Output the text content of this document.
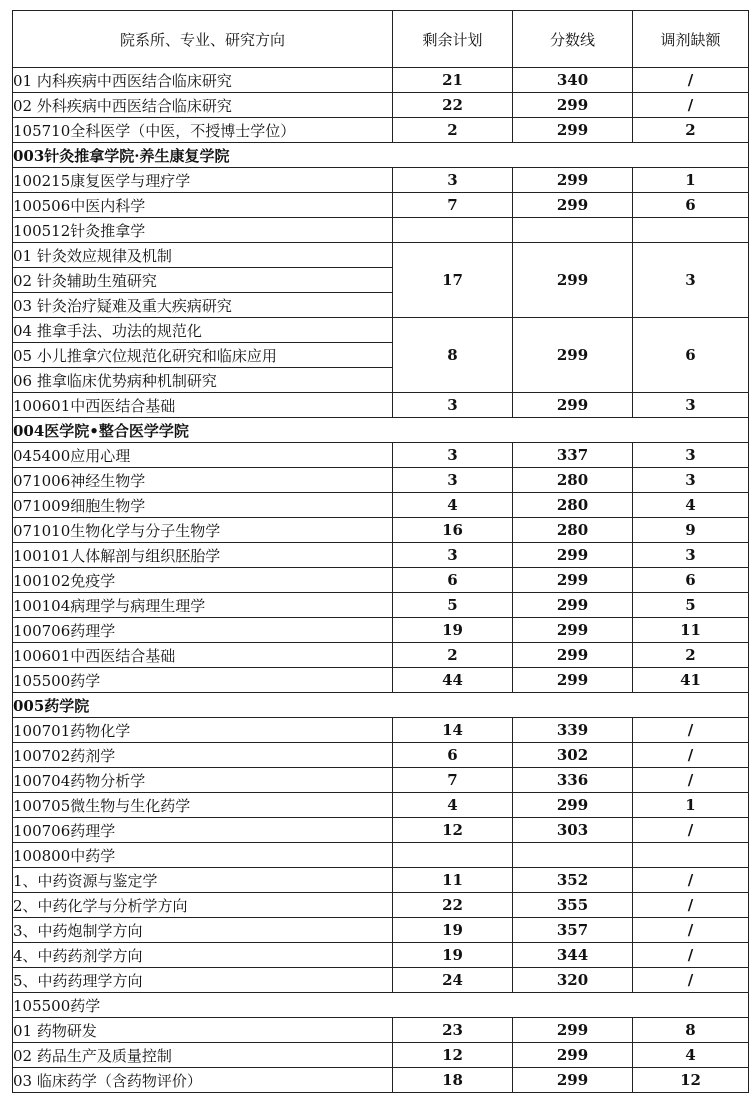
院系所、专业、研究方向	剩余计划	分数线	调剂缺额
01 内科疾病中西医结合临床研究	21	340	/
02 外科疾病中西医结合临床研究	22	299	/
105710全科医学（中医，不授博士学位）	2	299	2
003针灸推拿学院·养生康复学院			
100215康复医学与理疗学	3	299	1
100506中医内科学	7	299	6
100512针灸推拿学			
01 针灸效应规律及机制	17	299	3
02 针灸辅助生殖研究			
03 针灸治疗疑难及重大疾病研究			
04 推拿手法、功法的规范化	8	299	6
05 小儿推拿穴位规范化研究和临床应用			
06 推拿临床优势病种机制研究			
100601中西医结合基础	3	299	3
004医学院•整合医学学院			
045400应用心理	3	337	3
071006神经生物学	3	280	3
071009细胞生物学	4	280	4
071010生物化学与分子生物学	16	280	9
100101人体解剖与组织胚胎学	3	299	3
100102免疫学	6	299	6
100104病理学与病理生理学	5	299	5
100706药理学	19	299	11
100601中西医结合基础	2	299	2
105500药学	44	299	41
005药学院			
100701药物化学	14	339	/
100702药剂学	6	302	/
100704药物分析学	7	336	/
100705微生物与生化药学	4	299	1
100706药理学	12	303	/
100800中药学			
1、中药资源与鉴定学	11	352	/
2、中药化学与分析学方向	22	355	/
3、中药炮制学方向	19	357	/
4、中药药剂学方向	19	344	/
5、中药药理学方向	24	320	/
105500药学			
01 药物研发	23	299	8
02 药品生产及质量控制	12	299	4
03 临床药学（含药物评价）	18	299	12
